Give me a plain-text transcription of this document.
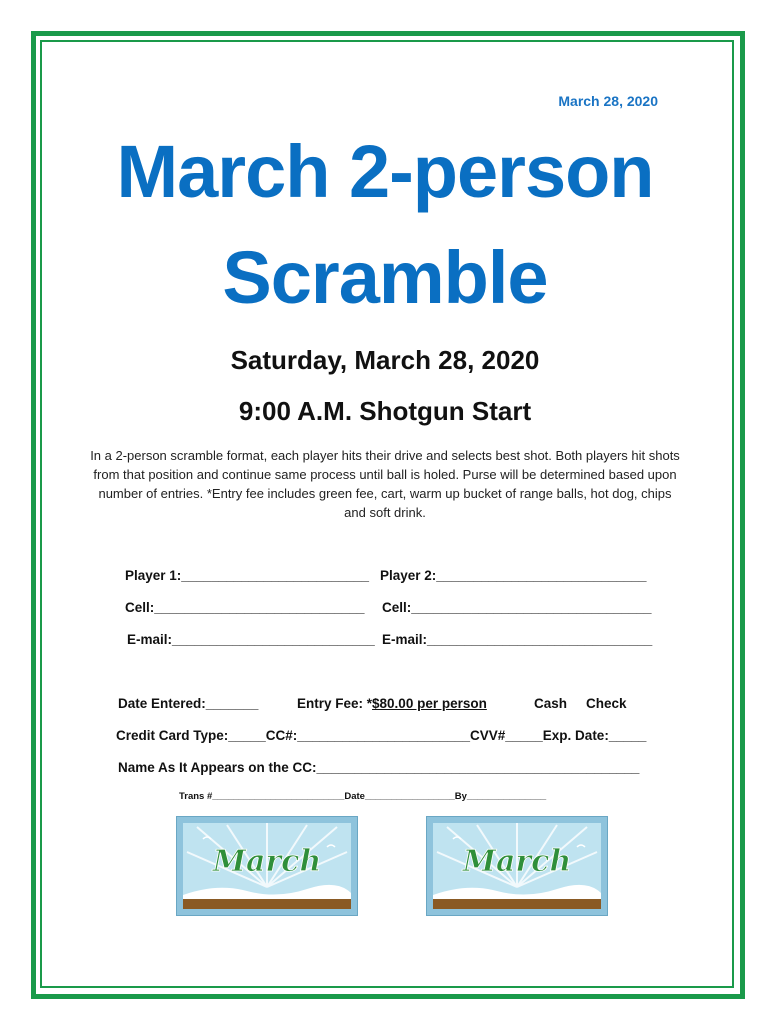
March 28, 2020
March 2-person
Scramble
Saturday, March 28, 2020
9:00 A.M. Shotgun Start
In a 2-person scramble format, each player hits their drive and selects best shot. Both players hit shots from that position and continue same process until ball is holed. Purse will be determined based upon number of entries. *Entry fee includes green fee, cart, warm up bucket of range balls, hot dog, chips and soft drink.
Player 1:_________________________ Player 2:____________________________
Cell:____________________________ Cell:________________________________
E-mail:___________________________ E-mail:______________________________
Date Entered:_______	Entry Fee: *$80.00 per person	Cash Check
Credit Card Type:_____CC#:_______________________CVV#_____Exp. Date:_____
Name As It Appears on the CC:___________________________________________
Trans #_________________________Date_________________By_______________
March	March
